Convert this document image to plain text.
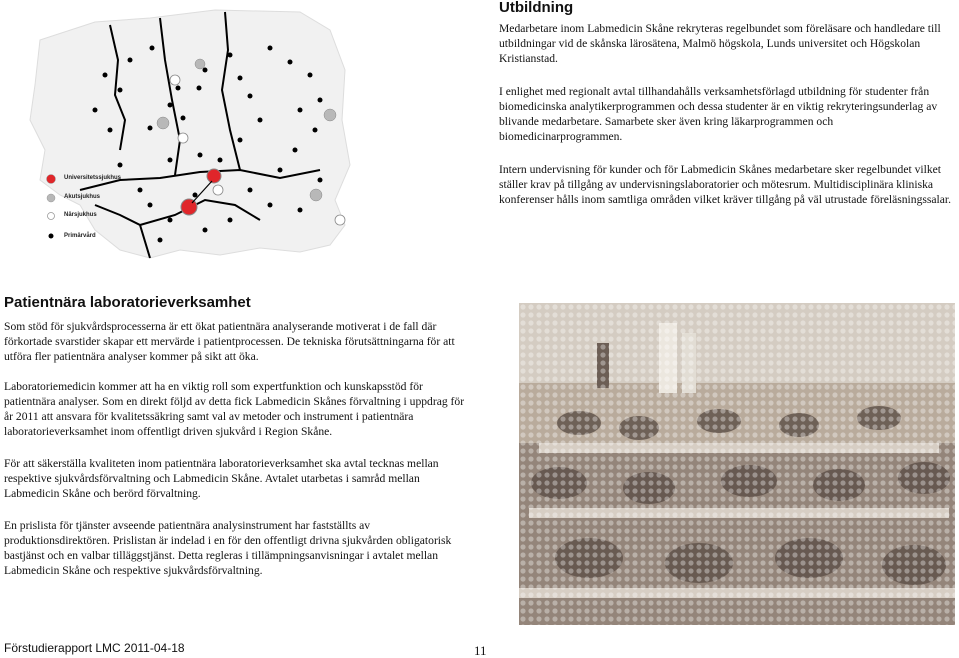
Universitetssjukhus
Akutsjukhus
Närsjukhus
Primärvård
Utbildning

Medarbetare inom Labmedicin Skåne rekryteras regelbundet som föreläsare och handledare till utbildningar vid de skånska lärosätena, Malmö högskola, Lunds universitet och Högskolan Kristianstad.

I enlighet med regionalt avtal tillhandahålls verksamhetsförlagd utbildning för studenter från biomedicinska analytikerprogrammen och dessa studenter är en viktig rekryteringsunderlag av blivande medarbetare. Samarbete sker även kring läkarprogrammen och biomedicinarprogrammen.

Intern undervisning för kunder och för Labmedicin Skånes medarbetare sker regelbundet vilket ställer krav på tillgång av undervisningslaboratorier och mötesrum. Multidisciplinära kliniska konferenser hålls inom samtliga områden vilket kräver tillgång på väl utrustade föreläsningssalar.

Patientnära laboratorieverksamhet

Som stöd för sjukvårdsprocesserna är ett ökat patientnära analyserande motiverat i de fall där förkortade svarstider skapar ett mervärde i patientprocessen. De tekniska förutsättningarna för att utföra fler patientnära analyser kommer på sikt att öka.

Laboratoriemedicin kommer att ha en viktig roll som expertfunktion och kunskapsstöd för patientnära analyser. Som en direkt följd av detta fick Labmedicin Skånes förvaltning i uppdrag för år 2011 att ansvara för kvalitetssäkring samt val av metoder och instrument i patientnära laboratorieverksamhet inom offentligt driven sjukvård i Region Skåne.

För att säkerställa kvaliteten inom patientnära laboratorieverksamhet ska avtal tecknas mellan respektive sjukvårdsförvaltning och Labmedicin Skåne. Avtalet utarbetas i samråd mellan Labmedicin Skåne och berörd förvaltning.

En prislista för tjänster avseende patientnära analysinstrument har fastställts av produktionsdirektören. Prislistan är indelad i en för den offentligt drivna sjukvården obligatorisk bastjänst och en valbar tilläggstjänst. Detta regleras i tillämpningsanvisningar i avtalet mellan Labmedicin Skåne och respektive sjukvårdsförvaltning.

Förstudierapport LMC 2011-04-18	11
